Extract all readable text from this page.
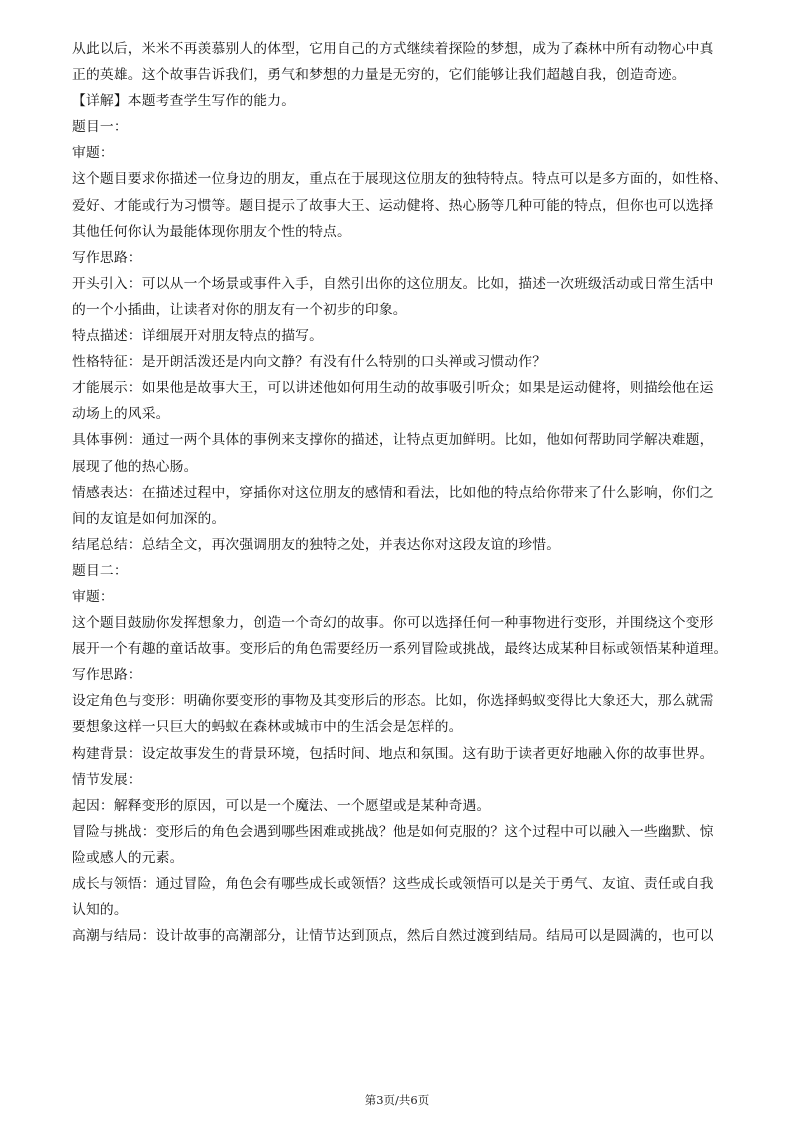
从此以后，米米不再羡慕别人的体型，它用自己的方式继续着探险的梦想，成为了森林中所有动物心中真
正的英雄。这个故事告诉我们，勇气和梦想的力量是无穷的，它们能够让我们超越自我，创造奇迹。
【详解】本题考查学生写作的能力。
题目一：
审题：
这个题目要求你描述一位身边的朋友，重点在于展现这位朋友的独特特点。特点可以是多方面的，如性格、
爱好、才能或行为习惯等。题目提示了故事大王、运动健将、热心肠等几种可能的特点，但你也可以选择
其他任何你认为最能体现你朋友个性的特点。
写作思路：
开头引入：可以从一个场景或事件入手，自然引出你的这位朋友。比如，描述一次班级活动或日常生活中
的一个小插曲，让读者对你的朋友有一个初步的印象。
特点描述：详细展开对朋友特点的描写。
性格特征：是开朗活泼还是内向文静？有没有什么特别的口头禅或习惯动作？
才能展示：如果他是故事大王，可以讲述他如何用生动的故事吸引听众；如果是运动健将，则描绘他在运
动场上的风采。
具体事例：通过一两个具体的事例来支撑你的描述，让特点更加鲜明。比如，他如何帮助同学解决难题，
展现了他的热心肠。
情感表达：在描述过程中，穿插你对这位朋友的感情和看法，比如他的特点给你带来了什么影响，你们之
间的友谊是如何加深的。
结尾总结：总结全文，再次强调朋友的独特之处，并表达你对这段友谊的珍惜。
题目二：
审题：
这个题目鼓励你发挥想象力，创造一个奇幻的故事。你可以选择任何一种事物进行变形，并围绕这个变形
展开一个有趣的童话故事。变形后的角色需要经历一系列冒险或挑战，最终达成某种目标或领悟某种道理。
写作思路：
设定角色与变形：明确你要变形的事物及其变形后的形态。比如，你选择蚂蚁变得比大象还大，那么就需
要想象这样一只巨大的蚂蚁在森林或城市中的生活会是怎样的。
构建背景：设定故事发生的背景环境，包括时间、地点和氛围。这有助于读者更好地融入你的故事世界。
情节发展：
起因：解释变形的原因，可以是一个魔法、一个愿望或是某种奇遇。
冒险与挑战：变形后的角色会遇到哪些困难或挑战？他是如何克服的？这个过程中可以融入一些幽默、惊
险或感人的元素。
成长与领悟：通过冒险，角色会有哪些成长或领悟？这些成长或领悟可以是关于勇气、友谊、责任或自我
认知的。
高潮与结局：设计故事的高潮部分，让情节达到顶点，然后自然过渡到结局。结局可以是圆满的，也可以
第3页/共6页
